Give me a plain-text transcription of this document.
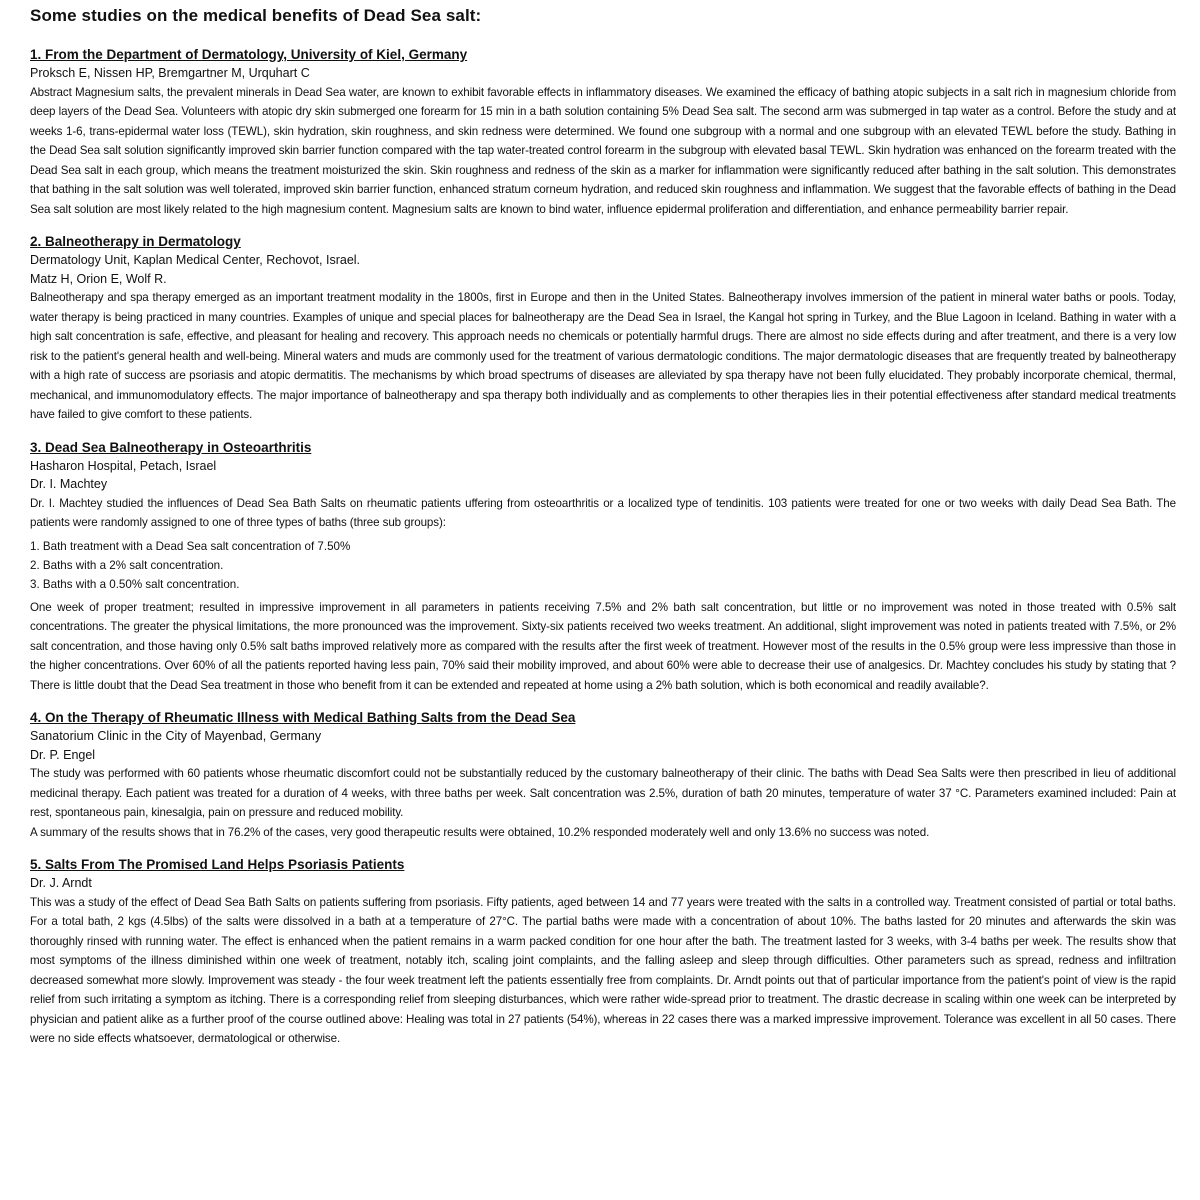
Some studies on the medical benefits of Dead Sea salt:
1. From the Department of Dermatology, University of Kiel, Germany

Proksch E, Nissen HP, Bremgartner M, Urquhart C

Abstract Magnesium salts, the prevalent minerals in Dead Sea water, are known to exhibit favorable effects in inflammatory diseases. We examined the efficacy of bathing atopic subjects in a salt rich in magnesium chloride from deep layers of the Dead Sea. Volunteers with atopic dry skin submerged one forearm for 15 min in a bath solution containing 5% Dead Sea salt. The second arm was submerged in tap water as a control. Before the study and at weeks 1-6, trans-epidermal water loss (TEWL), skin hydration, skin roughness, and skin redness were determined. We found one subgroup with a normal and one subgroup with an elevated TEWL before the study. Bathing in the Dead Sea salt solution significantly improved skin barrier function compared with the tap water-treated control forearm in the subgroup with elevated basal TEWL. Skin hydration was enhanced on the forearm treated with the Dead Sea salt in each group, which means the treatment moisturized the skin. Skin roughness and redness of the skin as a marker for inflammation were significantly reduced after bathing in the salt solution. This demonstrates that bathing in the salt solution was well tolerated, improved skin barrier function, enhanced stratum corneum hydration, and reduced skin roughness and inflammation. We suggest that the favorable effects of bathing in the Dead Sea salt solution are most likely related to the high magnesium content. Magnesium salts are known to bind water, influence epidermal proliferation and differentiation, and enhance permeability barrier repair.

2. Balneotherapy in Dermatology

Dermatology Unit, Kaplan Medical Center, Rechovot, Israel.

Matz H, Orion E, Wolf R.

Balneotherapy and spa therapy emerged as an important treatment modality in the 1800s, first in Europe and then in the United States. Balneotherapy involves immersion of the patient in mineral water baths or pools. Today, water therapy is being practiced in many countries. Examples of unique and special places for balneotherapy are the Dead Sea in Israel, the Kangal hot spring in Turkey, and the Blue Lagoon in Iceland. Bathing in water with a high salt concentration is safe, effective, and pleasant for healing and recovery. This approach needs no chemicals or potentially harmful drugs. There are almost no side effects during and after treatment, and there is a very low risk to the patient's general health and well-being. Mineral waters and muds are commonly used for the treatment of various dermatologic conditions. The major dermatologic diseases that are frequently treated by balneotherapy with a high rate of success are psoriasis and atopic dermatitis. The mechanisms by which broad spectrums of diseases are alleviated by spa therapy have not been fully elucidated. They probably incorporate chemical, thermal, mechanical, and immunomodulatory effects. The major importance of balneotherapy and spa therapy both individually and as complements to other therapies lies in their potential effectiveness after standard medical treatments have failed to give comfort to these patients.

3. Dead Sea Balneotherapy in Osteoarthritis

Hasharon Hospital, Petach, Israel

Dr. I. Machtey

Dr. I. Machtey studied the influences of Dead Sea Bath Salts on rheumatic patients uffering from osteoarthritis or a localized type of tendinitis. 103 patients were treated for one or two weeks with daily Dead Sea Bath. The patients were randomly assigned to one of three types of baths (three sub groups):

1. Bath treatment with a Dead Sea salt concentration of 7.50%
2. Baths with a 2% salt concentration.
3. Baths with a 0.50% salt concentration.

One week of proper treatment; resulted in impressive improvement in all parameters in patients receiving 7.5% and 2% bath salt concentration, but little or no improvement was noted in those treated with 0.5% salt concentrations. The greater the physical limitations, the more pronounced was the improvement. Sixty-six patients received two weeks treatment. An additional, slight improvement was noted in patients treated with 7.5%, or 2% salt concentration, and those having only 0.5% salt baths improved relatively more as compared with the results after the first week of treatment. However most of the results in the 0.5% group were less impressive than those in the higher concentrations. Over 60% of all the patients reported having less pain, 70% said their mobility improved, and about 60% were able to decrease their use of analgesics. Dr. Machtey concludes his study by stating that ? There is little doubt that the Dead Sea treatment in those who benefit from it can be extended and repeated at home using a 2% bath solution, which is both economical and readily available?.

4. On the Therapy of Rheumatic Illness with Medical Bathing Salts from the Dead Sea

Sanatorium Clinic in the City of Mayenbad, Germany

Dr. P. Engel

The study was performed with 60 patients whose rheumatic discomfort could not be substantially reduced by the customary balneotherapy of their clinic. The baths with Dead Sea Salts were then prescribed in lieu of additional medicinal therapy. Each patient was treated for a duration of 4 weeks, with three baths per week. Salt concentration was 2.5%, duration of bath 20 minutes, temperature of water 37 °C. Parameters examined included: Pain at rest, spontaneous pain, kinesalgia, pain on pressure and reduced mobility.

A summary of the results shows that in 76.2% of the cases, very good therapeutic results were obtained, 10.2% responded moderately well and only 13.6% no success was noted.

5. Salts From The Promised Land Helps Psoriasis Patients

Dr. J. Arndt

This was a study of the effect of Dead Sea Bath Salts on patients suffering from psoriasis. Fifty patients, aged between 14 and 77 years were treated with the salts in a controlled way. Treatment consisted of partial or total baths. For a total bath, 2 kgs (4.5lbs) of the salts were dissolved in a bath at a temperature of 27°C. The partial baths were made with a concentration of about 10%. The baths lasted for 20 minutes and afterwards the skin was thoroughly rinsed with running water. The effect is enhanced when the patient remains in a warm packed condition for one hour after the bath. The treatment lasted for 3 weeks, with 3-4 baths per week. The results show that most symptoms of the illness diminished within one week of treatment, notably itch, scaling joint complaints, and the falling asleep and sleep through difficulties. Other parameters such as spread, redness and infiltration decreased somewhat more slowly. Improvement was steady - the four week treatment left the patients essentially free from complaints. Dr. Arndt points out that of particular importance from the patient's point of view is the rapid relief from such irritating a symptom as itching. There is a corresponding relief from sleeping disturbances, which were rather wide-spread prior to treatment. The drastic decrease in scaling within one week can be interpreted by physician and patient alike as a further proof of the course outlined above: Healing was total in 27 patients (54%), whereas in 22 cases there was a marked impressive improvement. Tolerance was excellent in all 50 cases. There were no side effects whatsoever, dermatological or otherwise.
